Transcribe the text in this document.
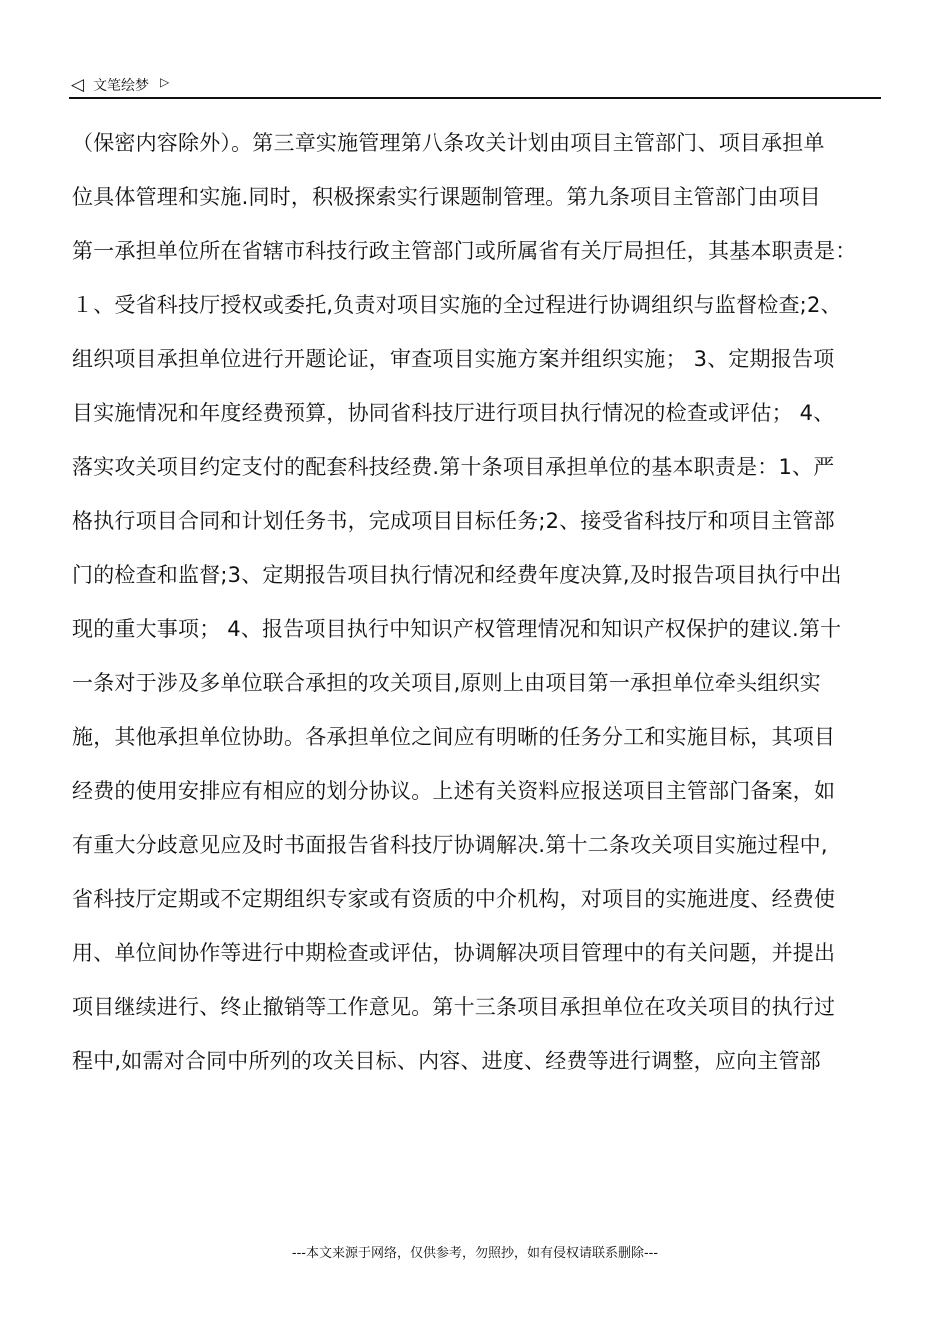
◁ 文笔绘梦 ▷
（保密内容除外）。第三章实施管理第八条攻关计划由项目主管部门、项目承担单
位具体管理和实施.同时，积极探索实行课题制管理。第九条项目主管部门由项目
第一承担单位所在省辖市科技行政主管部门或所属省有关厅局担任，其基本职责是：
１、受省科技厅授权或委托,负责对项目实施的全过程进行协调组织与监督检查;2、
组织项目承担单位进行开题论证，审查项目实施方案并组织实施； 3、定期报告项
目实施情况和年度经费预算，协同省科技厅进行项目执行情况的检查或评估； 4、
落实攻关项目约定支付的配套科技经费.第十条项目承担单位的基本职责是：1、严
格执行项目合同和计划任务书，完成项目目标任务;2、接受省科技厅和项目主管部
门的检查和监督;3、定期报告项目执行情况和经费年度决算,及时报告项目执行中出
现的重大事项； 4、报告项目执行中知识产权管理情况和知识产权保护的建议.第十
一条对于涉及多单位联合承担的攻关项目,原则上由项目第一承担单位牵头组织实
施，其他承担单位协助。各承担单位之间应有明晰的任务分工和实施目标，其项目
经费的使用安排应有相应的划分协议。上述有关资料应报送项目主管部门备案，如
有重大分歧意见应及时书面报告省科技厅协调解决.第十二条攻关项目实施过程中,
省科技厅定期或不定期组织专家或有资质的中介机构，对项目的实施进度、经费使
用、单位间协作等进行中期检查或评估，协调解决项目管理中的有关问题，并提出
项目继续进行、终止撤销等工作意见。第十三条项目承担单位在攻关项目的执行过
程中,如需对合同中所列的攻关目标、内容、进度、经费等进行调整，应向主管部
---本文来源于网络，仅供参考，勿照抄，如有侵权请联系删除---
